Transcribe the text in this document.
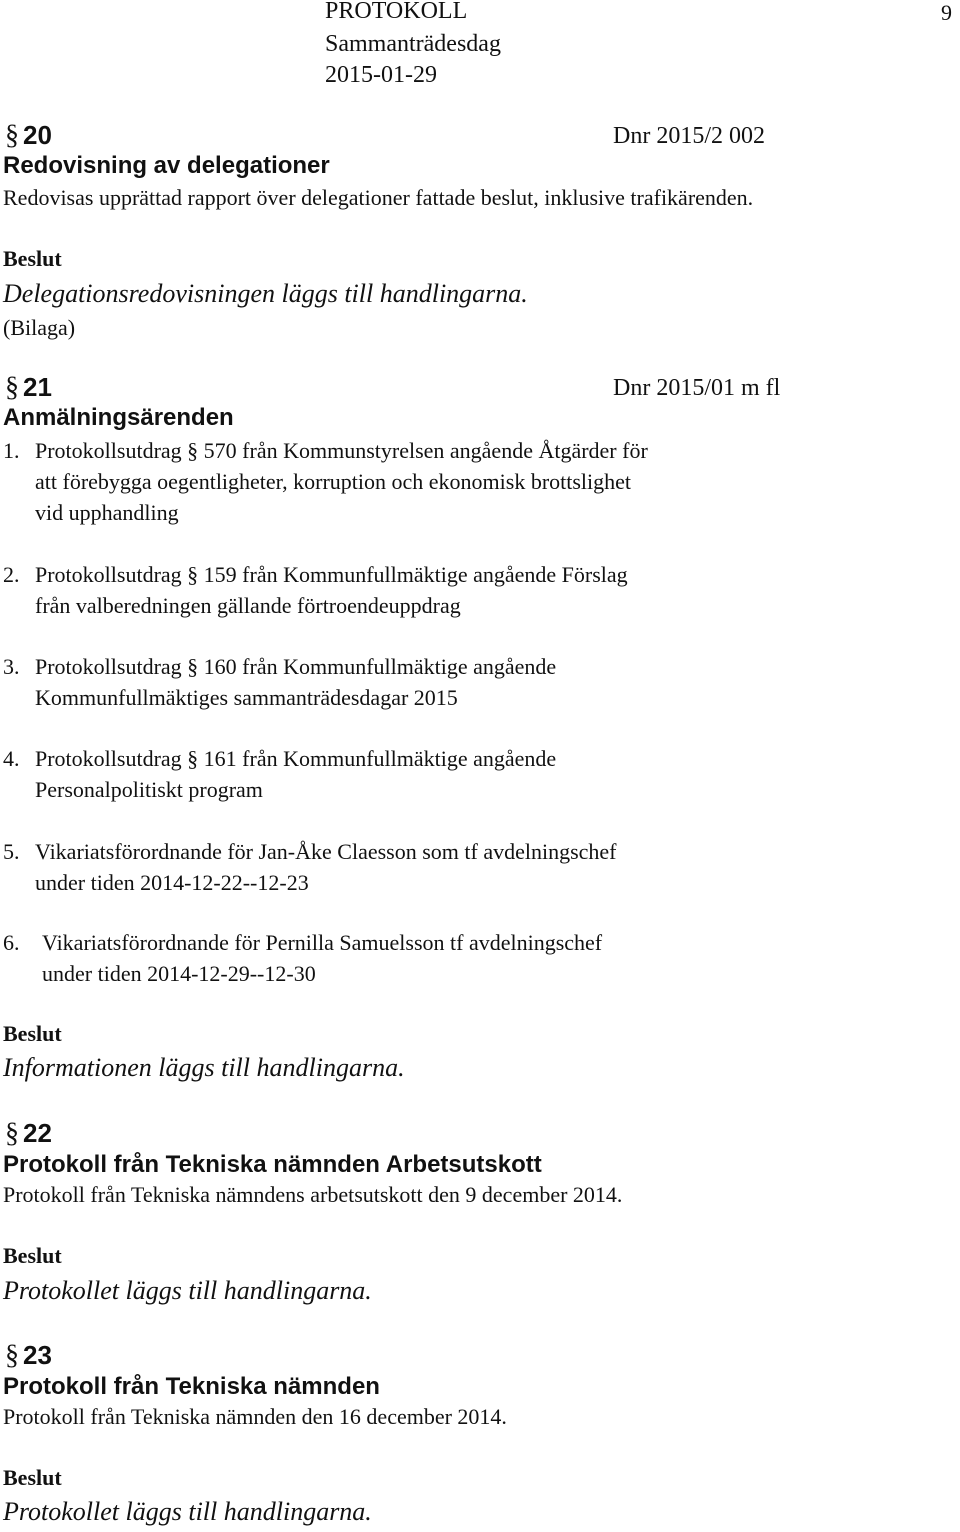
PROTOKOLL
Sammanträdesdag
2015-01-29
9
§ 20	Dnr 2015/2 002
Redovisning av delegationer
Redovisas upprättad rapport över delegationer fattade beslut, inklusive trafikärenden.
Beslut
Delegationsredovisningen läggs till handlingarna.
(Bilaga)
§ 21	Dnr 2015/01 m fl
Anmälningsärenden
1. Protokollsutdrag § 570 från Kommunstyrelsen angående Åtgärder för
att förebygga oegentligheter, korruption och ekonomisk brottslighet
vid upphandling
2. Protokollsutdrag § 159 från Kommunfullmäktige angående Förslag
från valberedningen gällande förtroendeuppdrag
3. Protokollsutdrag § 160 från Kommunfullmäktige angående
Kommunfullmäktiges sammanträdesdagar 2015
4. Protokollsutdrag § 161 från Kommunfullmäktige angående
Personalpolitiskt program
5. Vikariatsförordnande för Jan-Åke Claesson som tf avdelningschef
under tiden 2014-12-22--12-23
6. Vikariatsförordnande för Pernilla Samuelsson tf avdelningschef
under tiden 2014-12-29--12-30
Beslut
Informationen läggs till handlingarna.
§ 22
Protokoll från Tekniska nämnden Arbetsutskott
Protokoll från Tekniska nämndens arbetsutskott den 9 december 2014.
Beslut
Protokollet läggs till handlingarna.
§ 23
Protokoll från Tekniska nämnden
Protokoll från Tekniska nämnden den 16 december 2014.
Beslut
Protokollet läggs till handlingarna.
